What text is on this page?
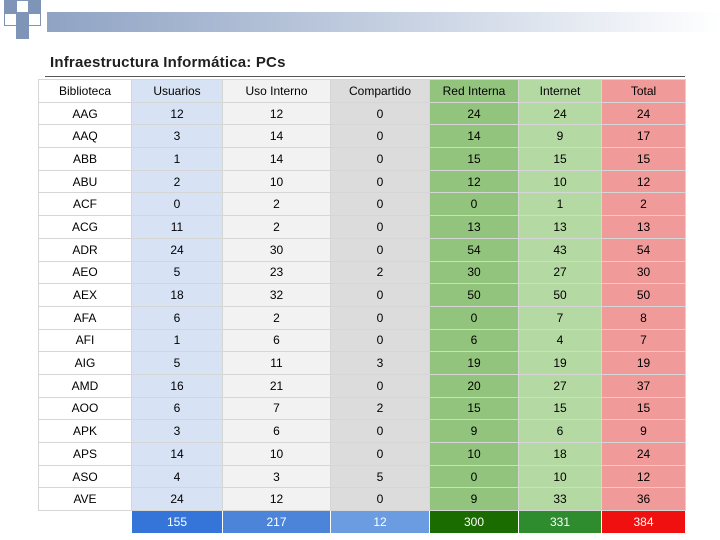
Infraestructura Informática: PCs
Biblioteca	Usuarios	Uso Interno	Compartido	Red Interna	Internet	Total
AAG	12	12	0	24	24	24
AAQ	3	14	0	14	9	17
ABB	1	14	0	15	15	15
ABU	2	10	0	12	10	12
ACF	0	2	0	0	1	2
ACG	11	2	0	13	13	13
ADR	24	30	0	54	43	54
AEO	5	23	2	30	27	30
AEX	18	32	0	50	50	50
AFA	6	2	0	0	7	8
AFI	1	6	0	6	4	7
AIG	5	11	3	19	19	19
AMD	16	21	0	20	27	37
AOO	6	7	2	15	15	15
APK	3	6	0	9	6	9
APS	14	10	0	10	18	24
ASO	4	3	5	0	10	12
AVE	24	12	0	9	33	36
	155	217	12	300	331	384
